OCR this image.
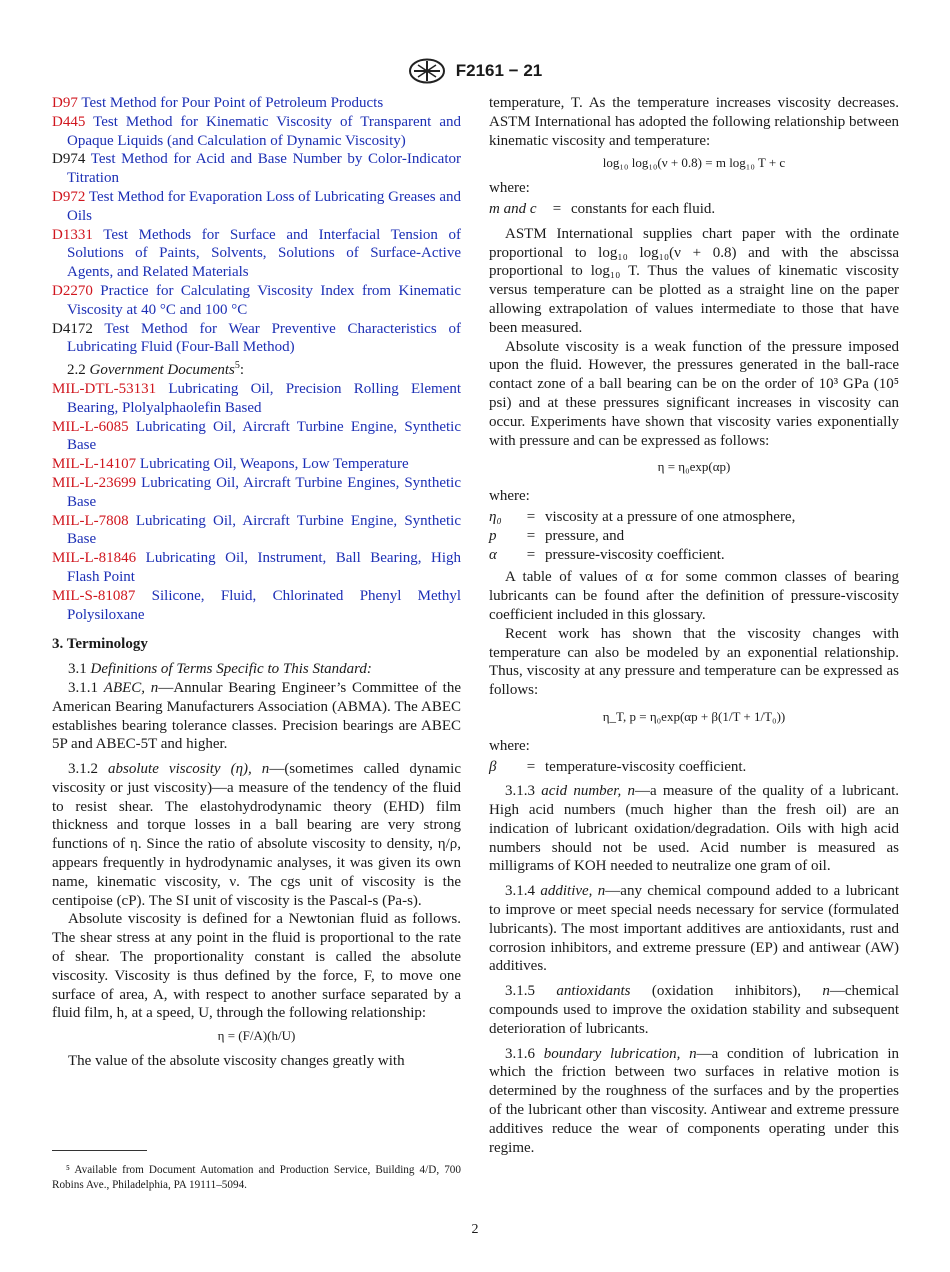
F2161 − 21

D97 Test Method for Pour Point of Petroleum Products

D445 Test Method for Kinematic Viscosity of Transparent and Opaque Liquids (and Calculation of Dynamic Viscosity)

D974 Test Method for Acid and Base Number by Color-Indicator Titration

D972 Test Method for Evaporation Loss of Lubricating Greases and Oils

D1331 Test Methods for Surface and Interfacial Tension of Solutions of Paints, Solvents, Solutions of Surface-Active Agents, and Related Materials

D2270 Practice for Calculating Viscosity Index from Kinematic Viscosity at 40 °C and 100 °C

D4172 Test Method for Wear Preventive Characteristics of Lubricating Fluid (Four-Ball Method)

2.2 Government Documents$^5$:

MIL-DTL-53131 Lubricating Oil, Precision Rolling Element Bearing, Plolyalphaolefin Based

MIL-L-6085 Lubricating Oil, Aircraft Turbine Engine, Synthetic Base

MIL-L-14107 Lubricating Oil, Weapons, Low Temperature

MIL-L-23699 Lubricating Oil, Aircraft Turbine Engines, Synthetic Base

MIL-L-7808 Lubricating Oil, Aircraft Turbine Engine, Synthetic Base

MIL-L-81846 Lubricating Oil, Instrument, Ball Bearing, High Flash Point

MIL-S-81087 Silicone, Fluid, Chlorinated Phenyl Methyl Polysiloxane

3. Terminology

3.1 Definitions of Terms Specific to This Standard:

3.1.1 ABEC, n—Annular Bearing Engineer’s Committee of the American Bearing Manufacturers Association (ABMA). The ABEC establishes bearing tolerance classes. Precision bearings are ABEC 5P and ABEC-5T and higher.

3.1.2 absolute viscosity (η), n—(sometimes called dynamic viscosity or just viscosity)—a measure of the tendency of the fluid to resist shear. The elastohydrodynamic theory (EHD) film thickness and torque losses in a ball bearing are very strong functions of η. Since the ratio of absolute viscosity to density, η/ρ, appears frequently in hydrodynamic analyses, it was given its own name, kinematic viscosity, ν. The cgs unit of viscosity is the centipoise (cP). The SI unit of viscosity is the Pascal-s (Pa-s).

Absolute viscosity is defined for a Newtonian fluid as follows. The shear stress at any point in the fluid is proportional to the rate of shear. The proportionality constant is called the absolute viscosity. Viscosity is thus defined by the force, F, to move one surface of area, A, with respect to another surface separated by a fluid film, h, at a speed, U, through the following relationship:

η = (F/A)(h/U)

The value of the absolute viscosity changes greatly with

⁵ Available from Document Automation and Production Service, Building 4/D, 700 Robins Ave., Philadelphia, PA 19111–5094.

temperature, T. As the temperature increases viscosity decreases. ASTM International has adopted the following relationship between kinematic viscosity and temperature:

log₁₀ log₁₀(ν + 0.8) = m log₁₀ T + c

where:

m and c	= constants for each fluid.

ASTM International supplies chart paper with the ordinate proportional to log₁₀ log₁₀(ν + 0.8) and with the abscissa proportional to log₁₀ T. Thus the values of kinematic viscosity versus temperature can be plotted as a straight line on the paper allowing extrapolation of values intermediate to those that have been measured.

Absolute viscosity is a weak function of the pressure imposed upon the fluid. However, the pressures generated in the ball-race contact zone of a ball bearing can be on the order of 10³ GPa (10⁵ psi) and at these pressures significant increases in viscosity can occur. Experiments have shown that viscosity varies exponentially with pressure and can be expressed as follows:

η = η₀exp(αp)

where:

η₀	= viscosity at a pressure of one atmosphere,
p	= pressure, and
α	= pressure-viscosity coefficient.

A table of values of α for some common classes of bearing lubricants can be found after the definition of pressure-viscosity coefficient included in this glossary.

Recent work has shown that the viscosity changes with temperature can also be modeled by an exponential relationship. Thus, viscosity at any pressure and temperature can be expressed as follows:

η_T, p = η₀exp(αp + β(1/T + 1/T₀))

where:

β	= temperature-viscosity coefficient.

3.1.3 acid number, n—a measure of the quality of a lubricant. High acid numbers (much higher than the fresh oil) are an indication of lubricant oxidation/degradation. Oils with high acid numbers should not be used. Acid number is measured as milligrams of KOH needed to neutralize one gram of oil.

3.1.4 additive, n—any chemical compound added to a lubricant to improve or meet special needs necessary for service (formulated lubricants). The most important additives are antioxidants, rust and corrosion inhibitors, and extreme pressure (EP) and antiwear (AW) additives.

3.1.5 antioxidants (oxidation inhibitors), n—chemical compounds used to improve the oxidation stability and subsequent deterioration of lubricants.

3.1.6 boundary lubrication, n—a condition of lubrication in which the friction between two surfaces in relative motion is determined by the roughness of the surfaces and by the properties of the lubricant other than viscosity. Antiwear and extreme pressure additives reduce the wear of components operating under this regime.

2
